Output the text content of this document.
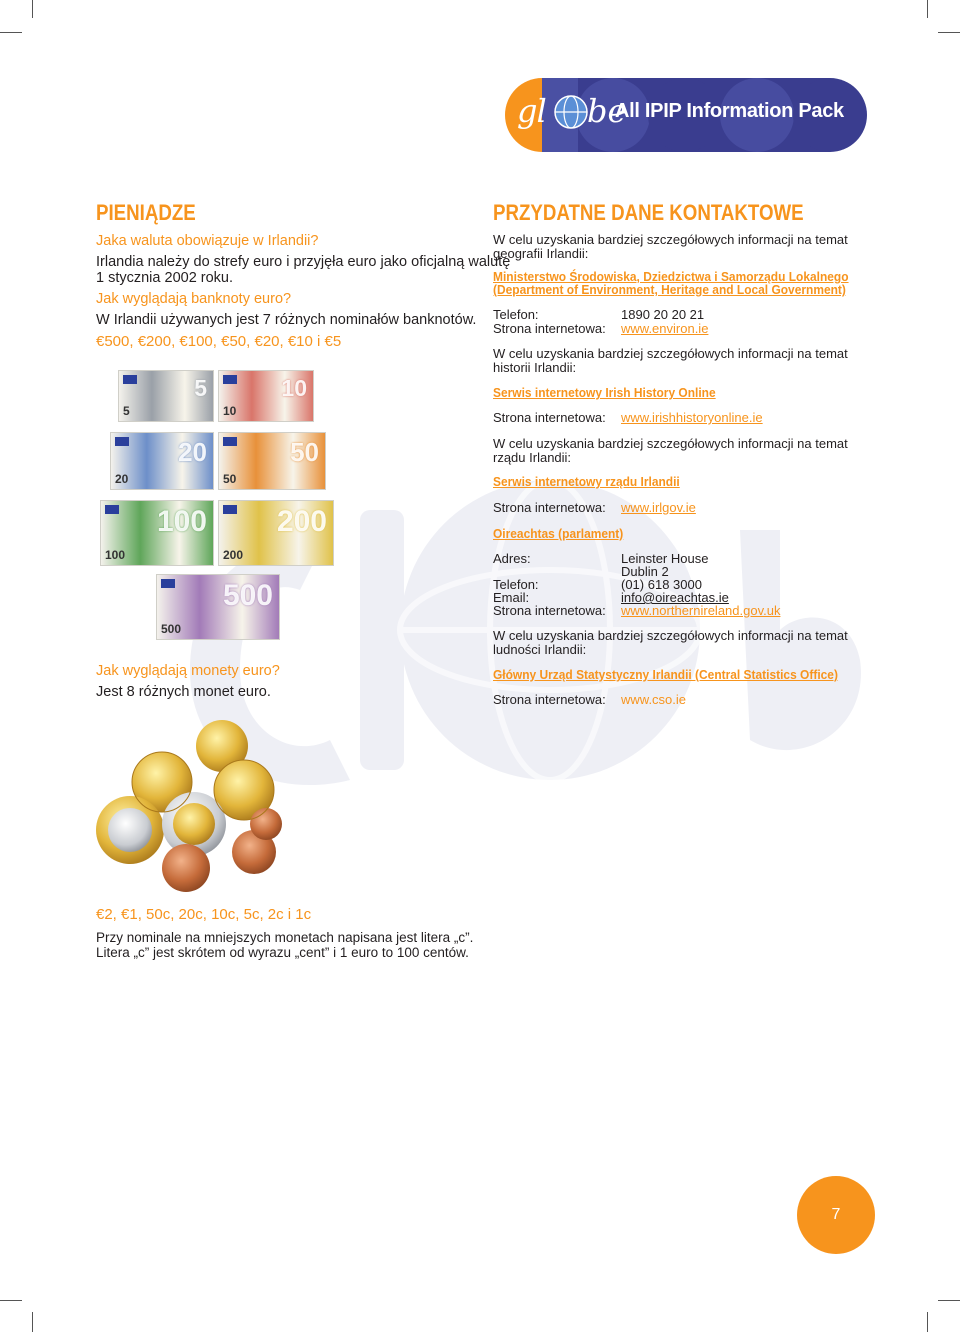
gl be
All IPIP Information Pack
PIENIĄDZE
Jaka waluta obowiązuje w Irlandii?
Irlandia należy do strefy euro i przyjęła euro jako oficjalną walutę
1 stycznia 2002 roku.
Jak wyglądają banknoty euro?
W Irlandii używanych jest 7 różnych nominałów banknotów.
€500, €200, €100, €50, €20, €10 i €5
5
5
10
10
20
20
50
50
100
100
200
200
500
500
Jak wyglądają monety euro?
Jest 8 różnych monet euro.
€2, €1, 50c, 20c, 10c, 5c, 2c i 1c
Przy nominale na mniejszych monetach napisana jest litera „c”.
Litera „c” jest skrótem od wyrazu „cent” i 1 euro to 100 centów.
PRZYDATNE DANE KONTAKTOWE
W celu uzyskania bardziej szczegółowych informacji na temat
geografii Irlandii:
Ministerstwo Środowiska, Dziedzictwa i Samorządu Lokalnego
(Department of Environment, Heritage and Local Government)
Telefon:	1890 20 20 21
Strona internetowa: www.environ.ie
W celu uzyskania bardziej szczegółowych informacji na temat
historii Irlandii:
Serwis internetowy Irish History Online
Strona internetowa: www.irishhistoryonline.ie
W celu uzyskania bardziej szczegółowych informacji na temat
rządu Irlandii:
Serwis internetowy rządu Irlandii
Strona internetowa: www.irlgov.ie
Oireachtas (parlament)
Adres:	Leinster House
Dublin 2
Telefon:	(01) 618 3000
Email:	info@oireachtas.ie
Strona internetowa: www.northernireland.gov.uk
W celu uzyskania bardziej szczegółowych informacji na temat
ludności Irlandii:
Główny Urząd Statystyczny Irlandii (Central Statistics Office)
Strona internetowa: www.cso.ie
7
